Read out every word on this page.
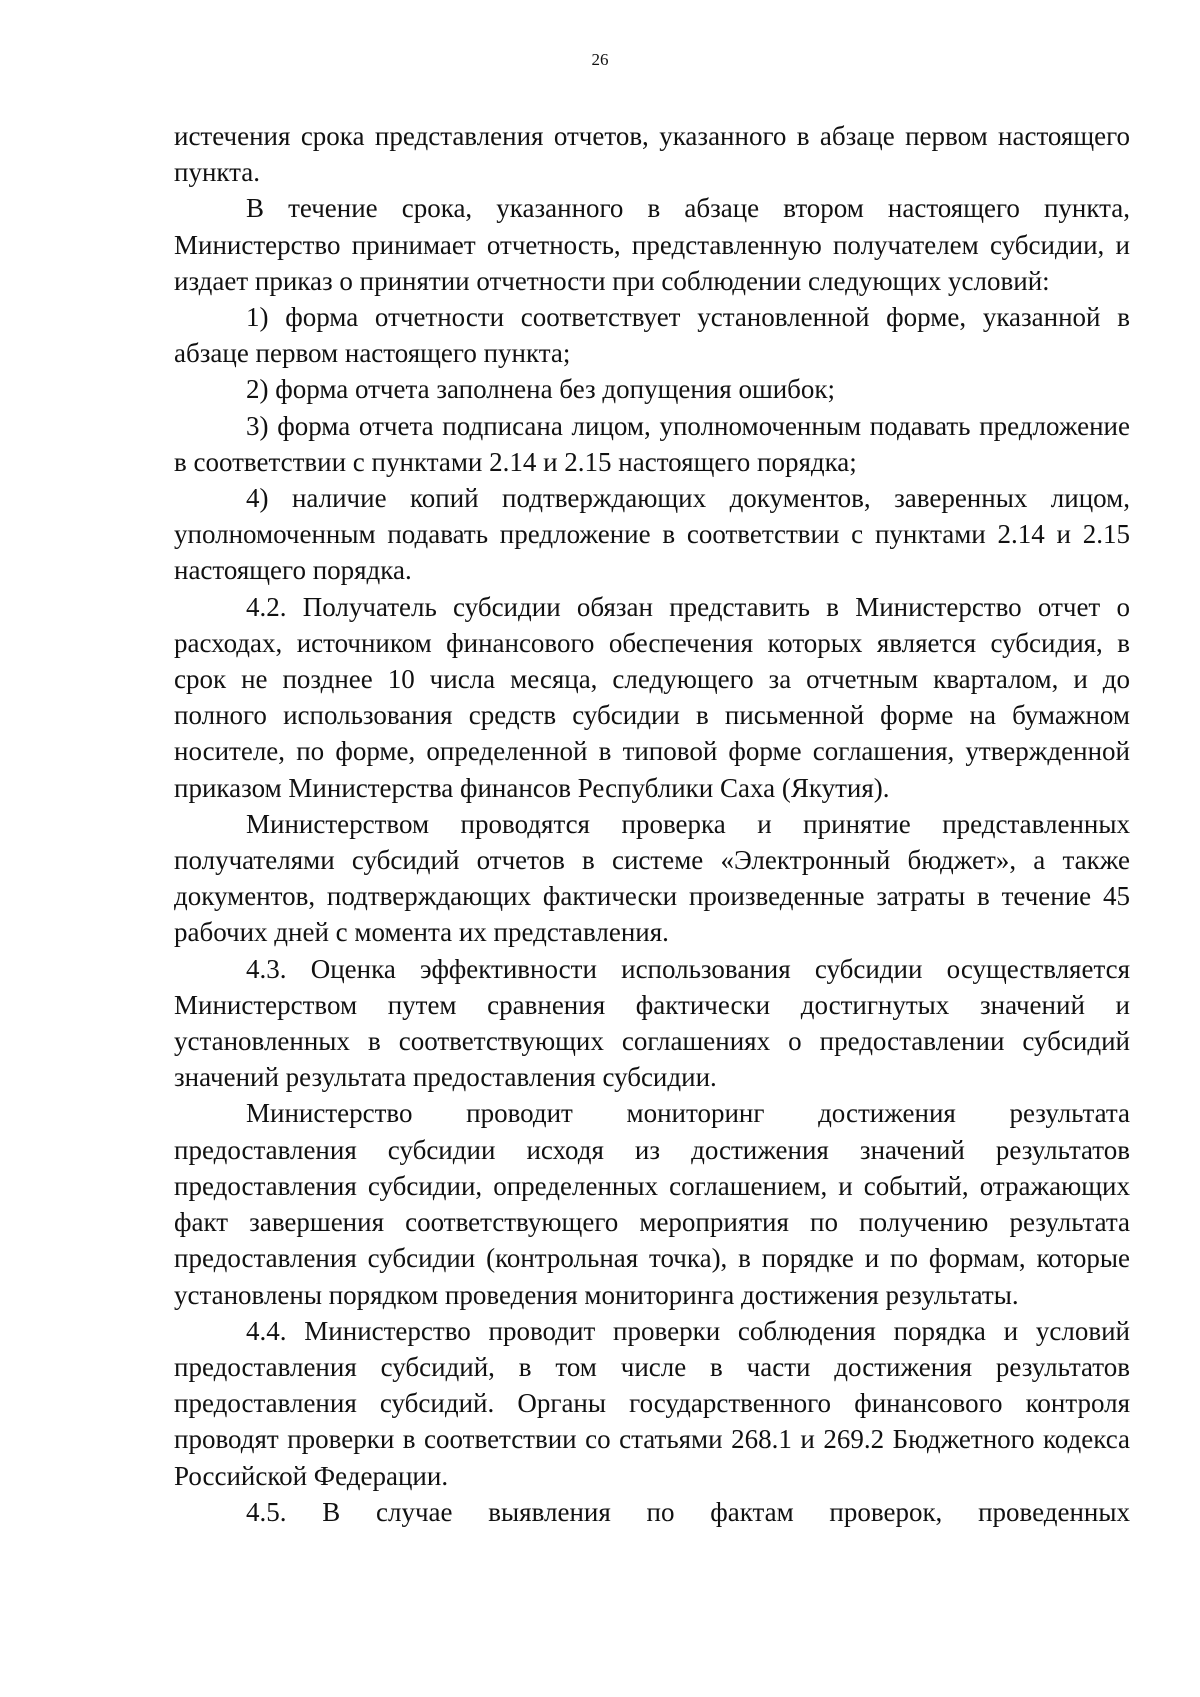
26

истечения срока представления отчетов, указанного в абзаце первом настоящего пункта.

В течение срока, указанного в абзаце втором настоящего пункта, Министерство принимает отчетность, представленную получателем субсидии, и издает приказ о принятии отчетности при соблюдении следующих условий:

1) форма отчетности соответствует установленной форме, указанной в абзаце первом настоящего пункта;

2) форма отчета заполнена без допущения ошибок;

3) форма отчета подписана лицом, уполномоченным подавать предложение в соответствии с пунктами 2.14 и 2.15 настоящего порядка;

4) наличие копий подтверждающих документов, заверенных лицом, уполномоченным подавать предложение в соответствии с пунктами 2.14 и 2.15 настоящего порядка.

4.2. Получатель субсидии обязан представить в Министерство отчет о расходах, источником финансового обеспечения которых является субсидия, в срок не позднее 10 числа месяца, следующего за отчетным кварталом, и до полного использования средств субсидии в письменной форме на бумажном носителе, по форме, определенной в типовой форме соглашения, утвержденной приказом Министерства финансов Республики Саха (Якутия).

Министерством проводятся проверка и принятие представленных получателями субсидий отчетов в системе «Электронный бюджет», а также документов, подтверждающих фактически произведенные затраты в течение 45 рабочих дней с момента их представления.

4.3. Оценка эффективности использования субсидии осуществляется Министерством путем сравнения фактически достигнутых значений и установленных в соответствующих соглашениях о предоставлении субсидий значений результата предоставления субсидии.

Министерство проводит мониторинг достижения результата предоставления субсидии исходя из достижения значений результатов предоставления субсидии, определенных соглашением, и событий, отражающих факт завершения соответствующего мероприятия по получению результата предоставления субсидии (контрольная точка), в порядке и по формам, которые установлены порядком проведения мониторинга достижения результаты.

4.4. Министерство проводит проверки соблюдения порядка и условий предоставления субсидий, в том числе в части достижения результатов предоставления субсидий. Органы государственного финансового контроля проводят проверки в соответствии со статьями 268.1 и 269.2 Бюджетного кодекса Российской Федерации.

4.5. В случае выявления по фактам проверок, проведенных
